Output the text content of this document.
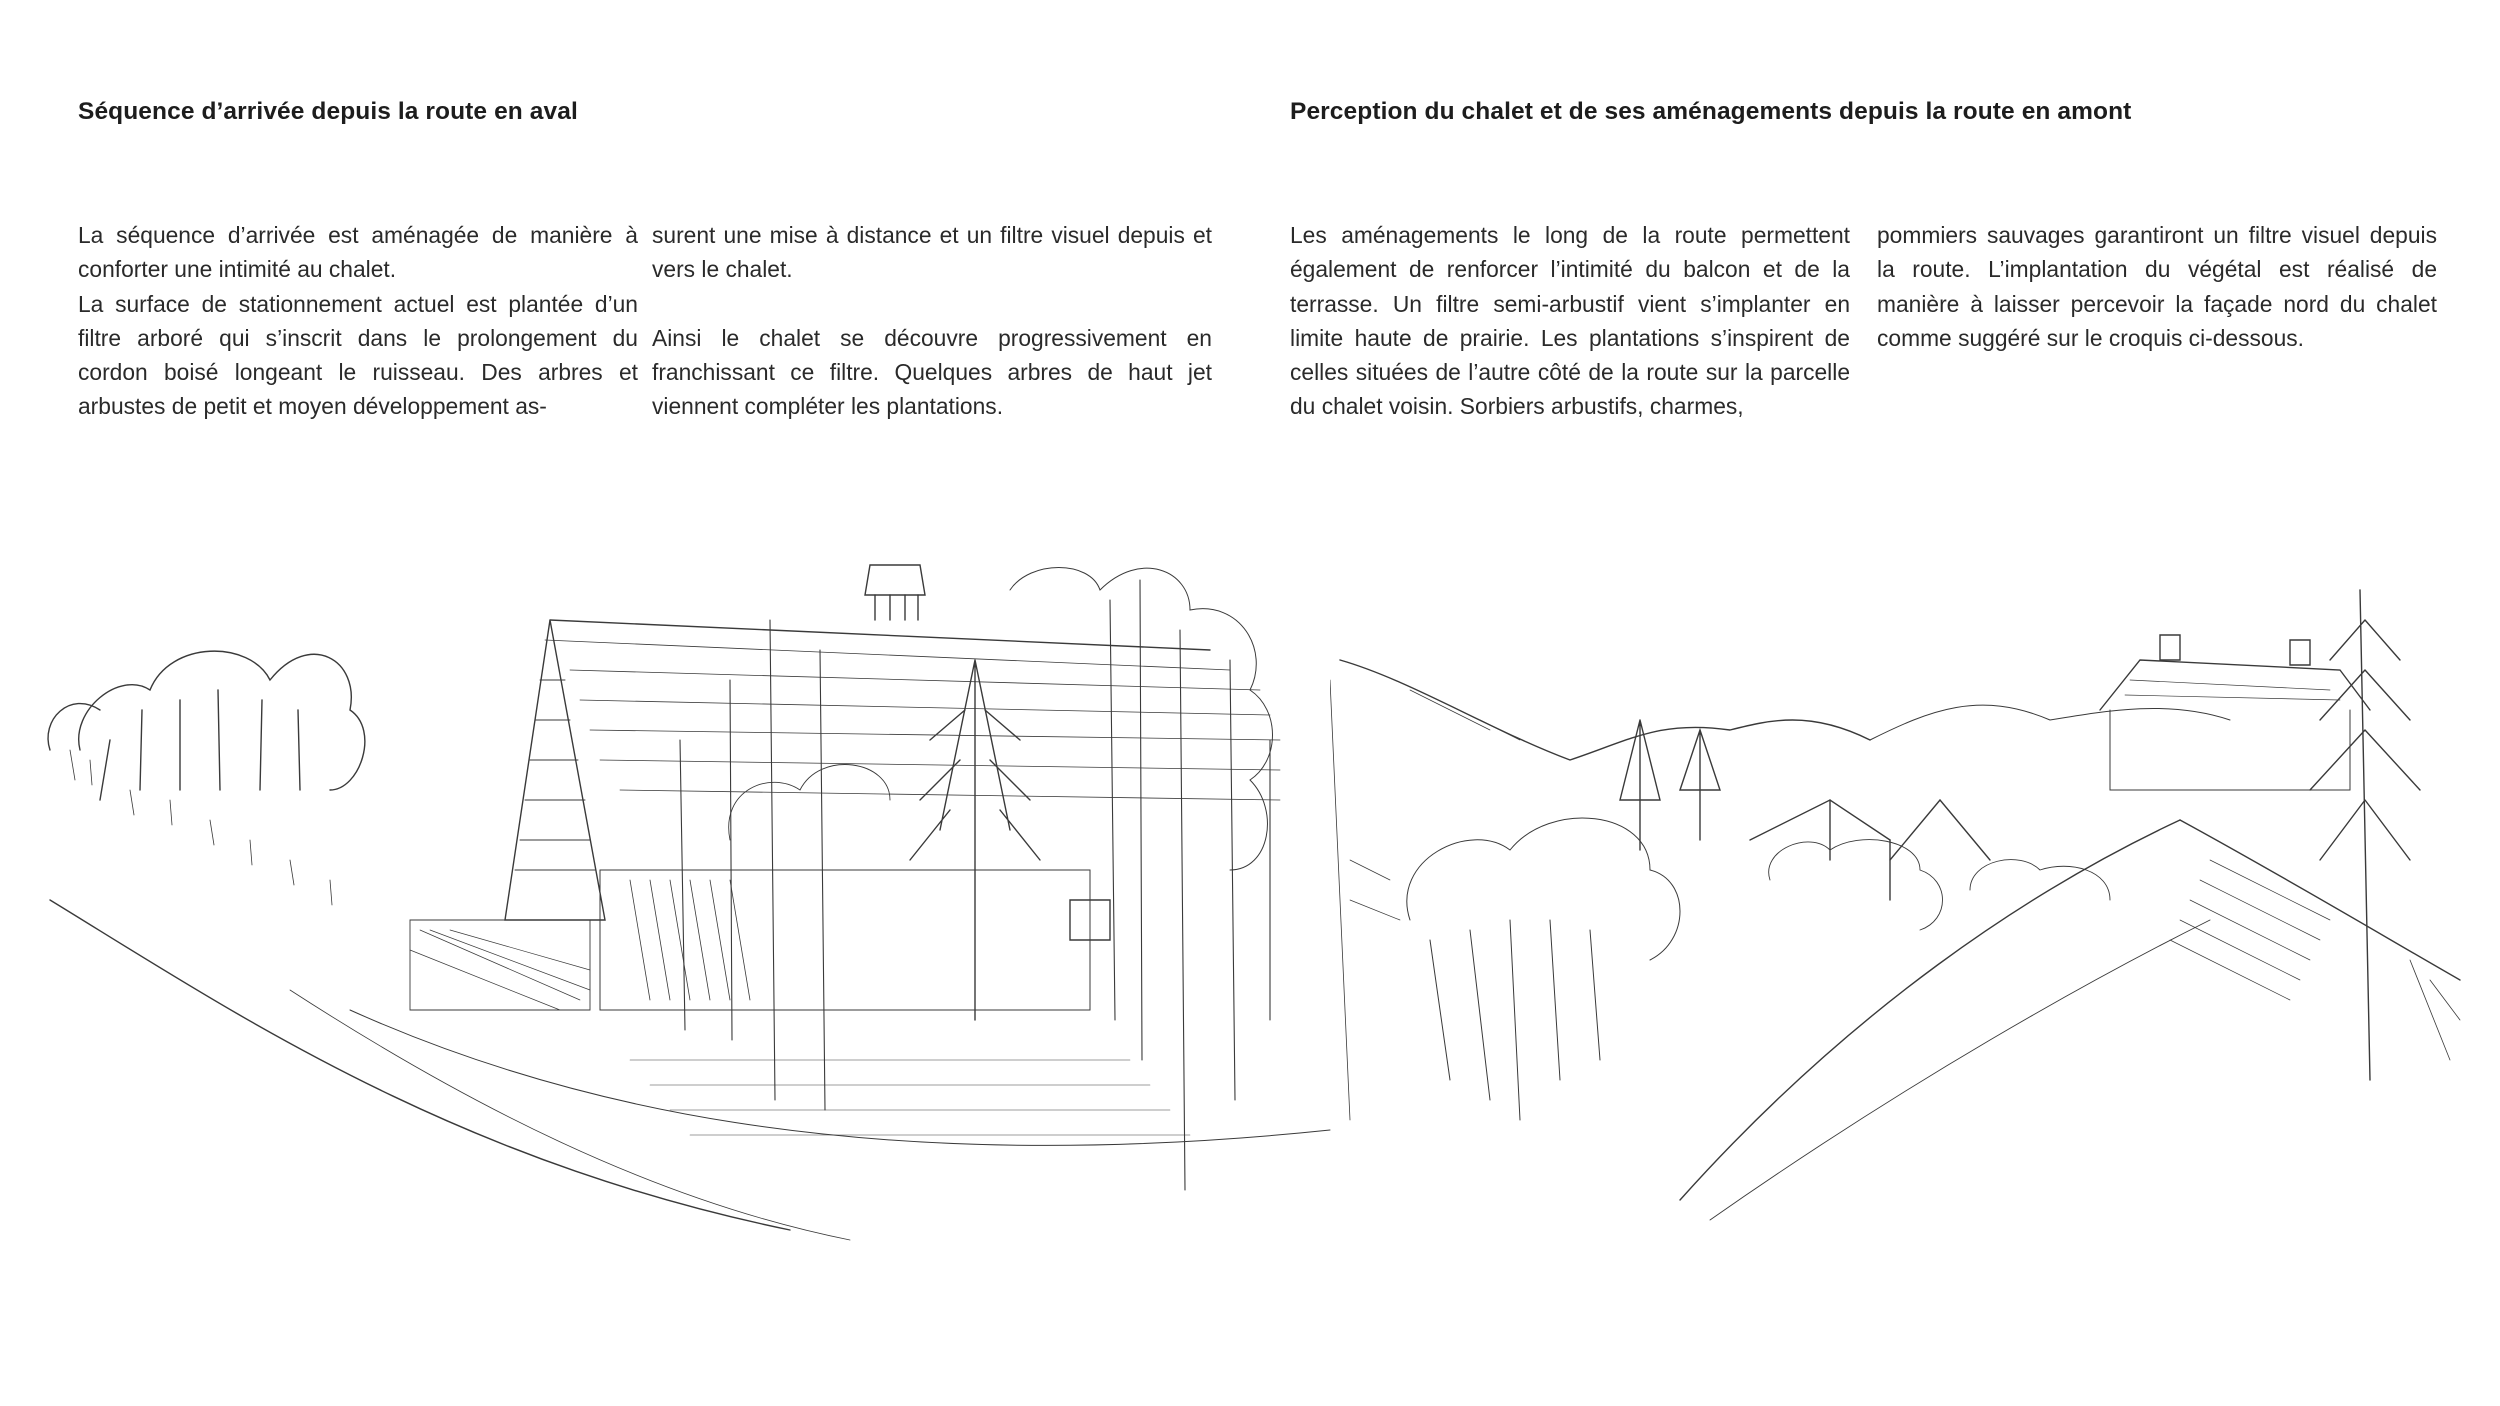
Séquence d’arrivée depuis la route en aval

La séquence d’arrivée est aménagée de manière à conforter une intimité au chalet.

La surface de stationnement actuel est plantée d’un filtre arboré qui s’inscrit dans le prolongement du cordon boisé longeant le ruisseau. Des arbres et arbustes de petit et moyen développement as-

surent une mise à distance et un filtre visuel depuis et vers le chalet.

Ainsi le chalet se découvre progressivement en franchissant ce filtre. Quelques arbres de haut jet viennent compléter les plantations.

Perception du chalet et de ses aménagements depuis la route en amont

Les aménagements le long de la route permettent également de renforcer l’intimité du balcon et de la terrasse. Un filtre semi-arbustif vient s’implanter en limite haute de prairie. Les plantations s’inspirent de celles situées de l’autre côté de la route sur la parcelle du chalet voisin. Sorbiers arbustifs, charmes,

pommiers sauvages garantiront un filtre visuel depuis la route. L’implantation du végétal est réalisé de manière à laisser percevoir la façade nord du chalet comme suggéré sur le croquis ci-dessous.
